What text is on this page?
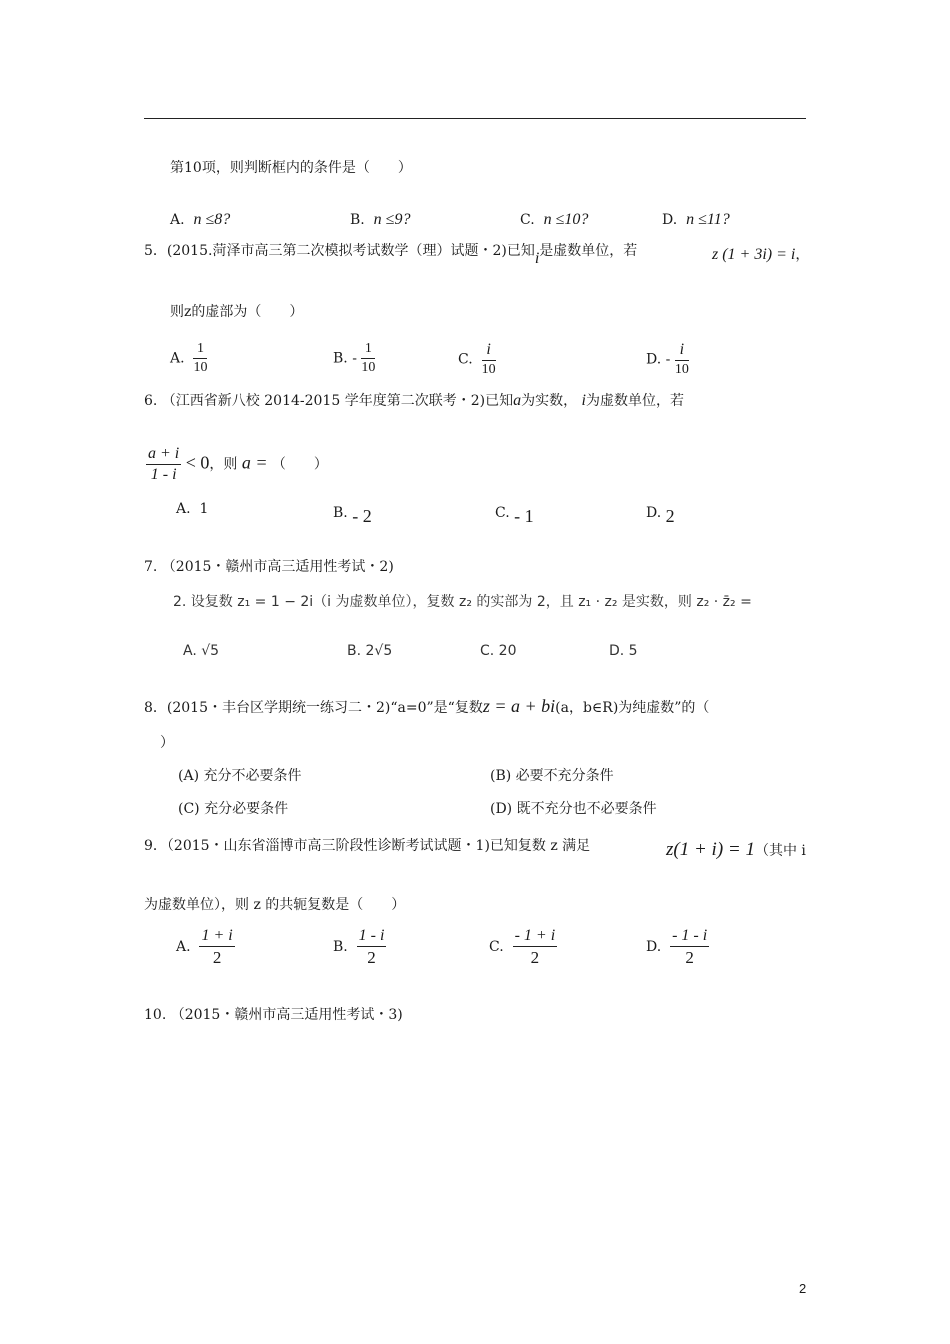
第10项，则判断框内的条件是（　　）
A. n ≤8?	B. n ≤9?	C. n ≤10?	D. n ≤11?
5．(2015.菏泽市高三第二次模拟考试数学（理）试题・2)已知i是虚数单位，若	z (1 + 3i) = i，
则z的虚部为（　　）
A. $\frac{1}{10}$	B. - $\frac{1}{10}$	C. $\frac{i}{10}$	D. - $\frac{i}{10}$
6. （江西省新八校 2014-2015 学年度第二次联考・2)已知a为实数， i为虚数单位，若
$\frac{a + i}{1 - i} < 0$，则 a = （　　）
A. 1	B. - 2	C. - 1	D. 2
7. （2015・赣州市高三适用性考试・2)
2. 设复数 z₁ = 1 − 2i（i 为虚数单位），复数 z₂ 的实部为 2，且 z₁ · z₂ 是实数，则 z₂ · z̄₂ =
A. √5	B. 2√5	C. 20	D. 5
8．(2015・丰台区学期统一练习二・2)“a=0”是“复数z = a + bi(a，b∈R)为纯虚数”的（
）
(A) 充分不必要条件	(B) 必要不充分条件
(C) 充分必要条件	(D) 既不充分也不必要条件
9．（2015・山东省淄博市高三阶段性诊断考试试题・1)已知复数 z 满足	z(1 + i) = 1（其中 i
为虚数单位），则 z 的共轭复数是（　　）
A. $\frac{1 + i}{2}$	B. $\frac{1 - i}{2}$	C. $\frac{- 1 + i}{2}$	D. $\frac{- 1 - i}{2}$
10. （2015・赣州市高三适用性考试・3)
2
